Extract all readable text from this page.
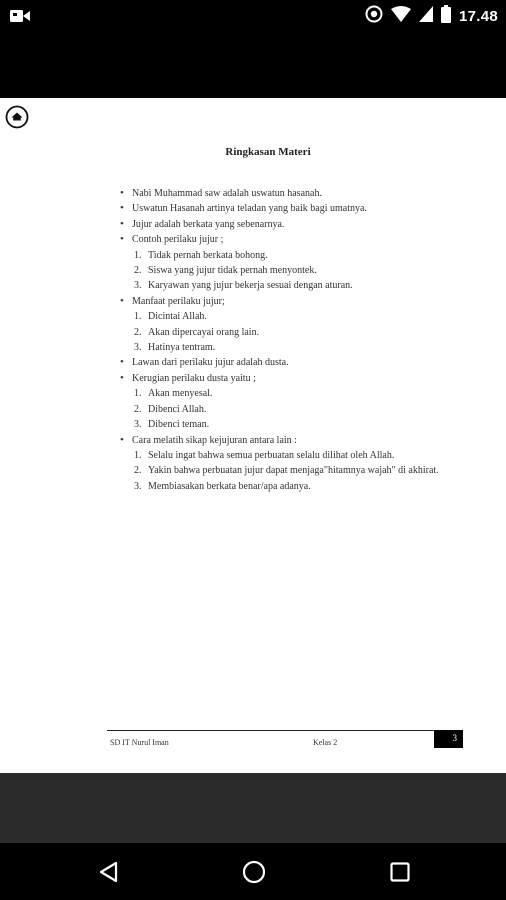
17.48
Ringkasan Materi
• Nabi Muhammad saw adalah uswatun hasanah.
• Uswatun Hasanah artinya teladan yang baik bagi umatnya.
• Jujur adalah berkata yang sebenarnya.
• Contoh perilaku jujur ;
1. Tidak pernah berkata bohong.
2. Siswa yang jujur tidak pernah menyontek.
3. Karyawan yang jujur bekerja sesuai dengan aturan.
• Manfaat perilaku jujur;
1. Dicintai Allah.
2. Akan dipercayai orang lain.
3. Hatinya tentram.
• Lawan dari perilaku jujur adalah dusta.
• Kerugian perilaku dusta yaitu ;
1. Akan menyesal.
2. Dibenci Allah.
3. Dibenci teman.
• Cara melatih sikap kejujuran antara lain :
1. Selalu ingat bahwa semua perbuatan selalu dilihat oleh Allah.
2. Yakin bahwa perbuatan jujur dapat menjaga"hitamnya wajah" di akhirat.
3. Membiasakan berkata benar/apa adanya.
SD IT Nurul Iman	Kelas 2	3
